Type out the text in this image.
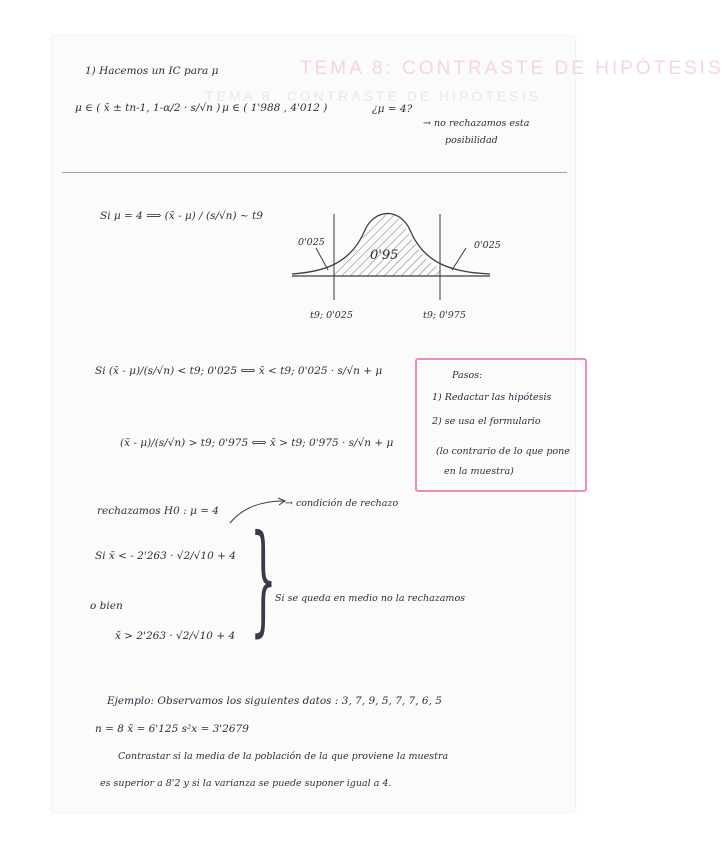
TEMA 8: CONTRASTE DE HIPÓTESIS
TEMA 8: CONTRASTE DE HIPÓTESIS
1) Hacemos un IC para μ
μ ∈ ( x̄ ± tn-1, 1-α/2 · s/√n ) μ ∈ ( 1'988 , 4'012 )	¿μ = 4?
→ no rechazamos esta
posibilidad
Si μ = 4 ⟹ (x̄ - μ) / (s/√n) ~ t9
0'025	0'025
0'95
t9; 0'025	t9; 0'975
Si (x̄ - μ)/(s/√n) < t9; 0'025 ⟺ x̄ < t9; 0'025 · s/√n + μ
(x̄ - μ)/(s/√n) > t9; 0'975 ⟺ x̄ > t9; 0'975 · s/√n + μ
Pasos:
1) Redactar las hipótesis
2) se usa el formulario
(lo contrario de lo que pone
en la muestra)
→ condición de rechazo
rechazamos H0 : μ = 4
Si x̄ < - 2'263 · √2/√10 + 4
o bien
x̄ > 2'263 · √2/√10 + 4 }
Si se queda en medio no la rechazamos
Ejemplo: Observamos los siguientes datos : 3, 7, 9, 5, 7, 7, 6, 5
n = 8 x̄ = 6'125 s²x = 3'2679
Contrastar si la media de la población de la que proviene la muestra
es superior a 8'2 y si la varianza se puede suponer igual a 4.
